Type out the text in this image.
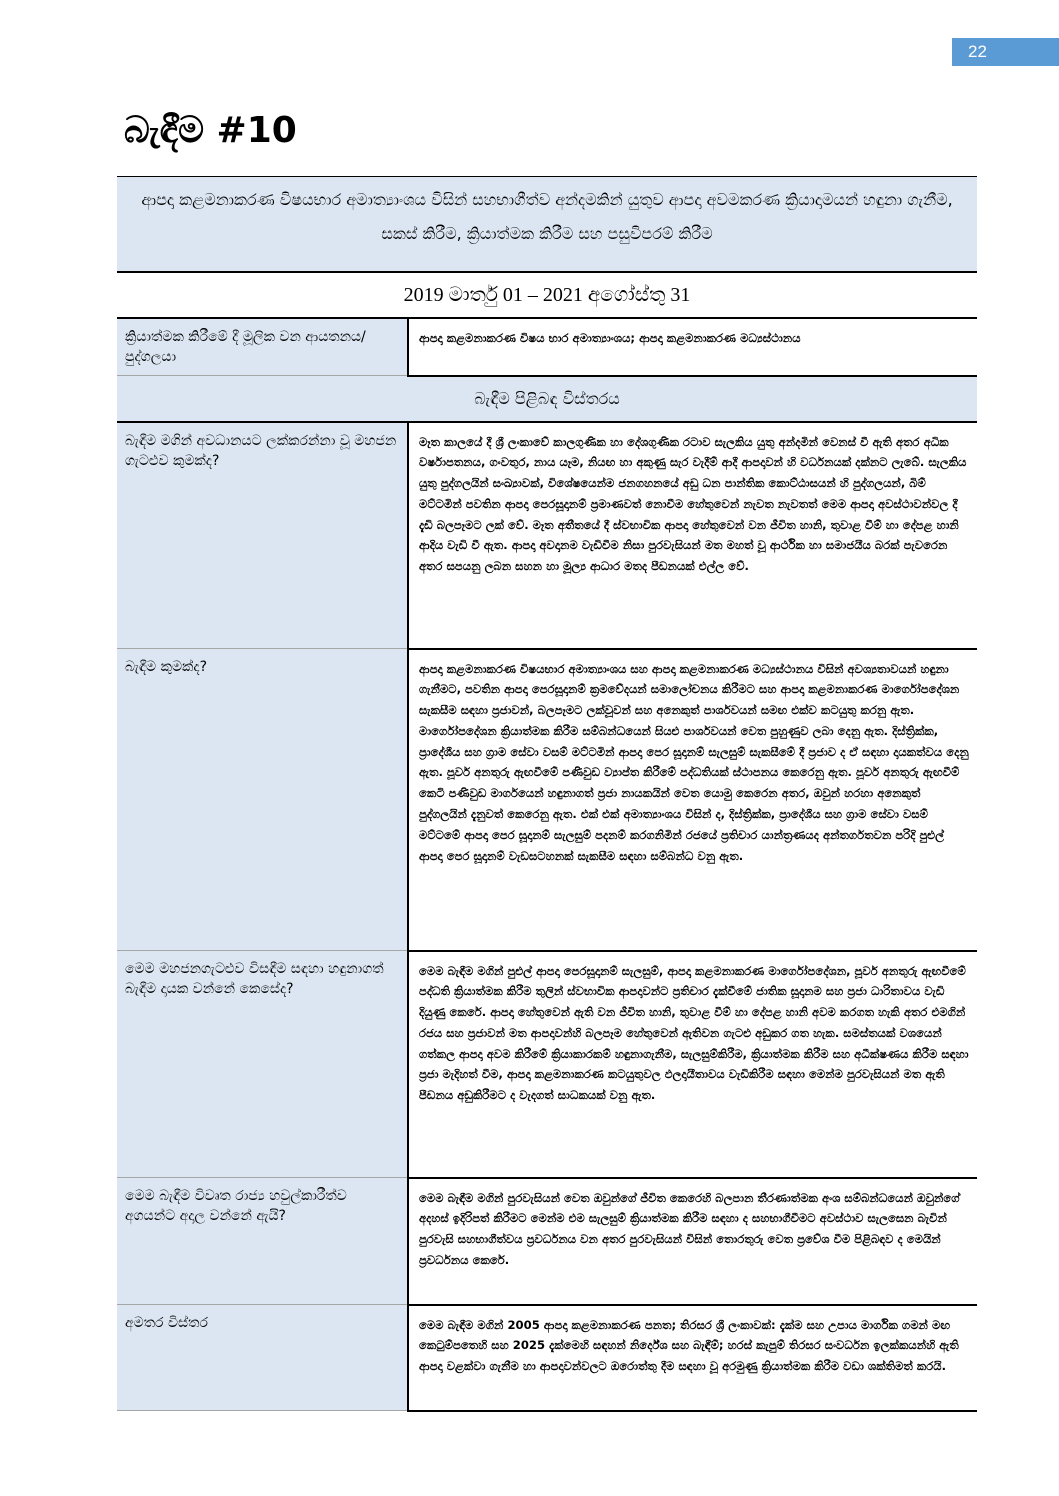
22
බැඳීම #10
ආපදා කළමනාකරණ විෂයභාර අමාත්‍යාංශය විසින් සහභාගීත්ව අන්දමකින් යුතුව ආපදා අවමකරණ ක්‍රියාදාමයන් හඳුනා ගැනීම, සකස් කිරීම, ක්‍රියාත්මක කිරීම සහ පසුවිපරම් කිරීම	
2019 මාර්තු 01 – 2021 අගෝස්තු 31	
ක්‍රියාත්මක කිරීමේ දී මූලික වන ආයතනය/ පුද්ගලයා	ආපදා කළමනාකරණ විෂය භාර අමාත්‍යාංශය; ආපදා කළමනාකරණ මධ්‍යස්ථානය
බැඳීම පිළිබඳ විස්තරය	
බැඳීම මගින් අවධානයට ලක්කරන්නා වූ මහජන ගැටළුව කුමක්ද?	මෑත කාලයේ දී ශ්‍රී ලංකාවේ කාලගුණික හා දේශගුණික රටාව සැලකිය යුතු අන්දමින් වෙනස් වී ඇති අතර අධික වර්ෂාපතනය, ගංවතුර, නාය යෑම, නියඟ හා අකුණු සැර වැදීම් ආදී ආපදාවන් හි වර්ධනයක් දක්නට ලැබේ. සැලකිය යුතු පුද්ගලයින් සංඛ්‍යාවක්, විශේෂයෙන්ම ජනගහනයේ අඩු ධන පාන්තික කොට්ඨාසයන් හි පුද්ගලයන්, බිම් මට්ටමින් පවතින ආපදා පෙරසූදානම් ප්‍රමාණවත් නොවීම හේතුවෙන් නැවත නැවතත් මෙම ආපදා අවස්ථාවන්වල දී දැඩි බලපෑමට ලක් වේ. මෑත අතීතයේ දී ස්වභාවික ආපදා හේතුවෙන් වන ජීවිත හානි, තුවාළ වීම් හා දේපළ හානි ආදිය වැඩි වී ඇත. ආපදා අවදානම වැඩිවීම නිසා පුරවැසියන් මත මහත් වූ ආර්ථික හා සමාජයීය බරක් පැවරෙන අතර සපයනු ලබන සහන හා මූල්‍ය ආධාර මතද පීඩනයක් එල්ල වේ.
බැඳීම කුමක්ද?	ආපදා කළමනාකරණ විෂයභාර අමාත්‍යාංශය සහ ආපදා කළමනාකරණ මධ්‍යස්ථානය විසින් අවශ්‍යතාවයන් හඳුනා ගැනීමට, පවතින ආපදා පෙරසූදානම් ක්‍රමවේදයන් සමාලෝචනය කිරීමට සහ ආපදා කළමනාකරණ මාර්ගෝපදේශන සැකසීම සඳහා ප්‍රජාවන්, බලපෑමට ලක්වූවන් සහ අනෙකුත් පාර්ශවයන් සමඟ එක්ව කටයුතු කරනු ඇත. මාර්ගෝපදේශන ක්‍රියාත්මක කිරීම සම්බන්ධයෙන් සියළු පාර්ශවයන් වෙත පුහුණුව ලබා දෙනු ඇත. දිස්ත්‍රික්ක, ප්‍රාදේශීය සහ ග්‍රාම සේවා වසම් මට්ටමින් ආපදා පෙර සූදානම් සැලසුම් සැකසීමේ දී ප්‍රජාව ද ඒ සඳහා දායකත්වය දෙනු ඇත. පූර්ව අනතුරු ඇඟවීමේ පණිවුඩ ව්‍යාප්ත කිරීමේ පද්ධතියක් ස්ථාපනය කෙරෙනු ඇත. පූර්ව අනතුරු ඇඟවීම් කෙටි පණිවුඩ මාර්ගයෙන් හඳුනාගත් ප්‍රජා නායකයින් වෙත යොමු කෙරෙන අතර, ඔවුන් හරහා අනෙකුත් පුද්ගලයින් දැනුවත් කෙරෙනු ඇත. එක් එක් අමාත්‍යාංශය විසින් ද, දිස්ත්‍රික්ක, ප්‍රාදේශීය සහ ග්‍රාම සේවා වසම් මට්ටමේ ආපදා පෙර සූදානම් සැලසුම් පදනම් කරගනිමින් රජයේ ප්‍රතිචාර යාන්ත්‍රණයද අන්තර්ගතවන පරිදි පුළුල් ආපදා පෙර සූදානම් වැඩසටහනක් සැකසීම සඳහා සම්බන්ධ වනු ඇත.
මෙම මහජනගැටළුව විසඳීම සඳහා හඳුනාගත් බැඳීම දායක වන්නේ කෙසේද?	මෙම බැඳීම මගින් පුළුල් ආපදා පෙරසූදානම් සැලසුම්, ආපදා කළමනාකරණ මාර්ගෝපදේශන, පූර්ව අනතුරු ඇඟවීමේ පද්ධති ක්‍රියාත්මක කිරීම තුලින් ස්වභාවික ආපදාවන්ට ප්‍රතිචාර දැක්වීමේ ජාතික සූදානම සහ ප්‍රජා ධාරිතාවය වැඩි දියුණු කෙරේ. ආපදා හේතුවෙන් ඇති වන ජීවිත හානි, තුවාළ වීම් හා දේපළ හානි අවම කරගත හැකි අතර එමගින් රජය සහ ප්‍රජාවන් මත ආපදාවන්හි බලපෑම හේතුවෙන් ඇතිවන ගැටළු අඩුකර ගත හැක. සමස්තයක් වශයෙන් ගත්කල ආපදා අවම කිරීමේ ක්‍රියාකාරකම් හඳුනාගැනීම, සැලසුම්කිරීම, ක්‍රියාත්මක කිරීම සහ අධීක්ෂණය කිරීම සඳහා ප්‍රජා මැදිහත් වීම, ආපදා කළමනාකරණ කටයුතුවල ඵලදායීතාවය වැඩිකිරීම සඳහා මෙන්ම පුරවැසියන් මත ඇති පීඩනය අඩුකිරීමට ද වැදගත් සාධකයක් වනු ඇත.
මෙම බැඳීම විවෘත රාජ්‍ය හවුල්කාරීත්ව අගයන්ට අදාල වන්නේ ඇයි?	මෙම බැඳීම මගින් පුරවැසියන් වෙත ඔවුන්ගේ ජීවිත කෙරෙහි බලපාන තීරණාත්මක අංශ සම්බන්ධයෙන් ඔවුන්ගේ අදහස් ඉදිරිපත් කිරීමට මෙන්ම එම සැලසුම් ක්‍රියාත්මක කිරීම සඳහා ද සහභාගීවීමට අවස්ථාව සැලසෙන බැවින් පුරවැසි සහභාගීත්වය ප්‍රවර්ධනය වන අතර පුරවැසියන් විසින් තොරතුරු වෙත ප්‍රවේශ වීම පිළිබඳව ද මෙයින් ප්‍රවර්ධනය කෙරේ.
අමතර විස්තර	මෙම බැඳීම මගින් 2005 ආපදා කළමනාකරණ පනත; තිරසර ශ්‍රී ලංකාවක්: දැක්ම සහ උපාය මාර්ගික ගමන් මඟ කෙටුම්පතෙහි සහ 2025 දැක්මෙහි සඳහන් නිර්දේශ සහ බැඳීම්; හරස් කැපුම් තිරසර සංවර්ධන ඉලක්කයන්හි ඇති ආපදා වළක්වා ගැනීම හා ආපදාවන්වලට ඔරොත්තු දීම සඳහා වූ අරමුණු ක්‍රියාත්මක කිරීම වඩා ශක්තිමත් කරයි.
